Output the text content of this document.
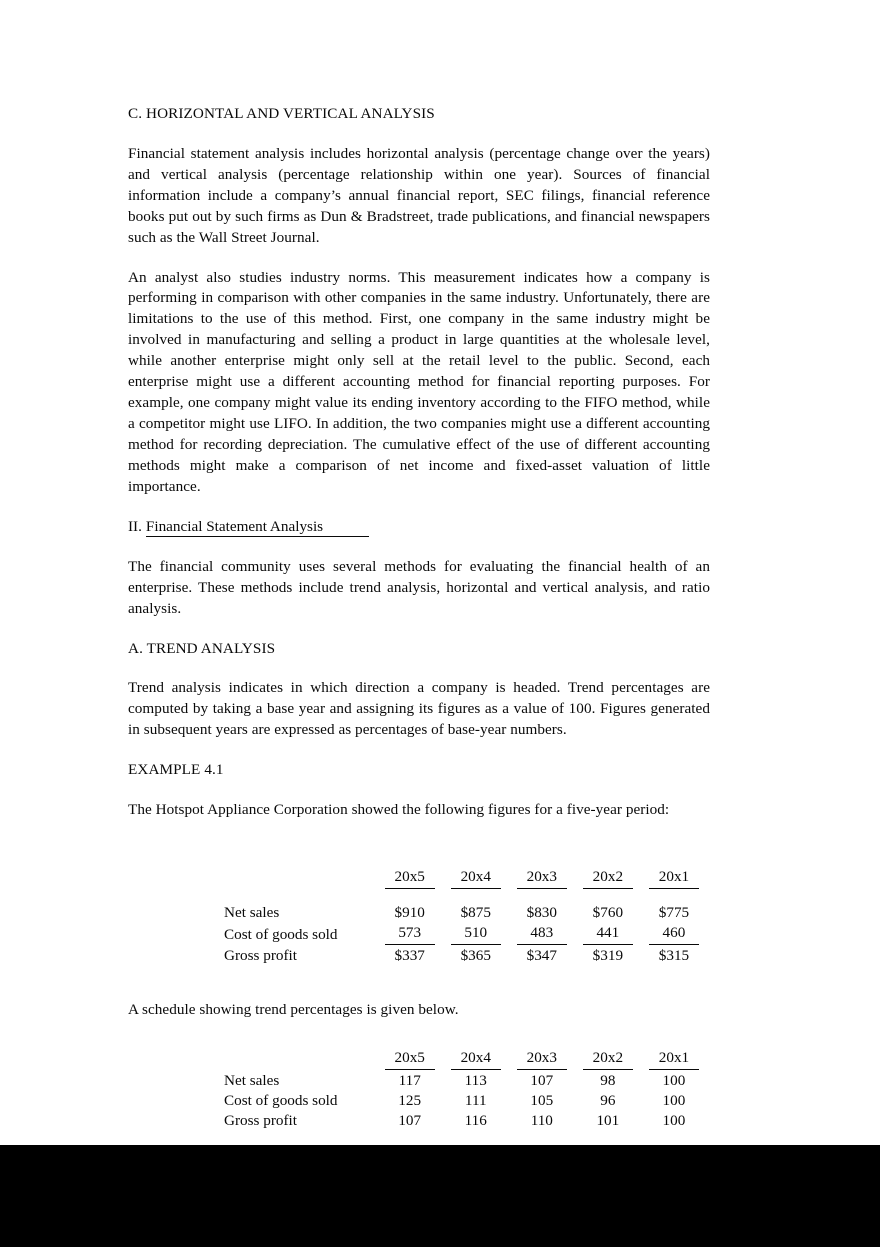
C. HORIZONTAL AND VERTICAL ANALYSIS

Financial statement analysis includes horizontal analysis (percentage change over the years) and vertical analysis (percentage relationship within one year). Sources of financial information include a company’s annual financial report, SEC filings, financial reference books put out by such firms as Dun & Bradstreet, trade publications, and financial newspapers such as the Wall Street Journal.

An analyst also studies industry norms. This measurement indicates how a company is performing in comparison with other companies in the same industry. Unfortunately, there are limitations to the use of this method. First, one company in the same industry might be involved in manufacturing and selling a product in large quantities at the wholesale level, while another enterprise might only sell at the retail level to the public. Second, each enterprise might use a different accounting method for financial reporting purposes. For example, one company might value its ending inventory according to the FIFO method, while a competitor might use LIFO. In addition, the two companies might use a different accounting method for recording depreciation. The cumulative effect of the use of different accounting methods might make a comparison of net income and fixed-asset valuation of little importance.

II. Financial Statement Analysis

The financial community uses several methods for evaluating the financial health of an enterprise. These methods include trend analysis, horizontal and vertical analysis, and ratio analysis.

A. TREND ANALYSIS

Trend analysis indicates in which direction a company is headed. Trend percentages are computed by taking a base year and assigning its figures as a value of 100. Figures generated in subsequent years are expressed as percentages of base-year numbers.

EXAMPLE 4.1

The Hotspot Appliance Corporation showed the following figures for a five-year period:

	20x5	20x4	20x3	20x2	20x1

Net sales	$910	$875	$830	$760	$775
Cost of goods sold	573	510	483	441	460
Gross profit	$337	$365	$347	$319	$315

A schedule showing trend percentages is given below.

	20x5	20x4	20x3	20x2	20x1
Net sales	117	113	107	98	100
Cost of goods sold	125	111	105	96	100
Gross profit	107	116	110	101	100
